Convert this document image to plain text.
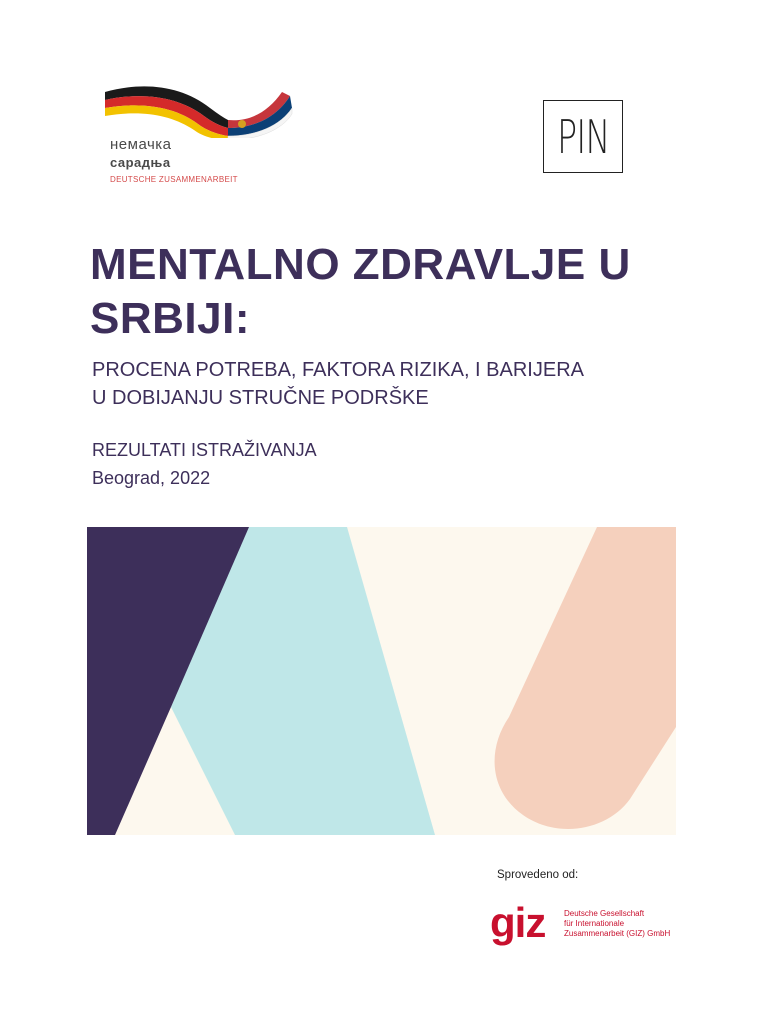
немачка
сарадња
DEUTSCHE ZUSAMMENARBEIT
PIN
MENTALNO ZDRAVLJE U
SRBIJI:
PROCENA POTREBA, FAKTORA RIZIKA, I BARIJERA
U DOBIJANJU STRUČNE PODRŠKE
REZULTATI ISTRAŽIVANJA
Beograd, 2022
Sprovedeno od:
giz Deutsche Gesellschaft
für Internationale
Zusammenarbeit (GIZ) GmbH
